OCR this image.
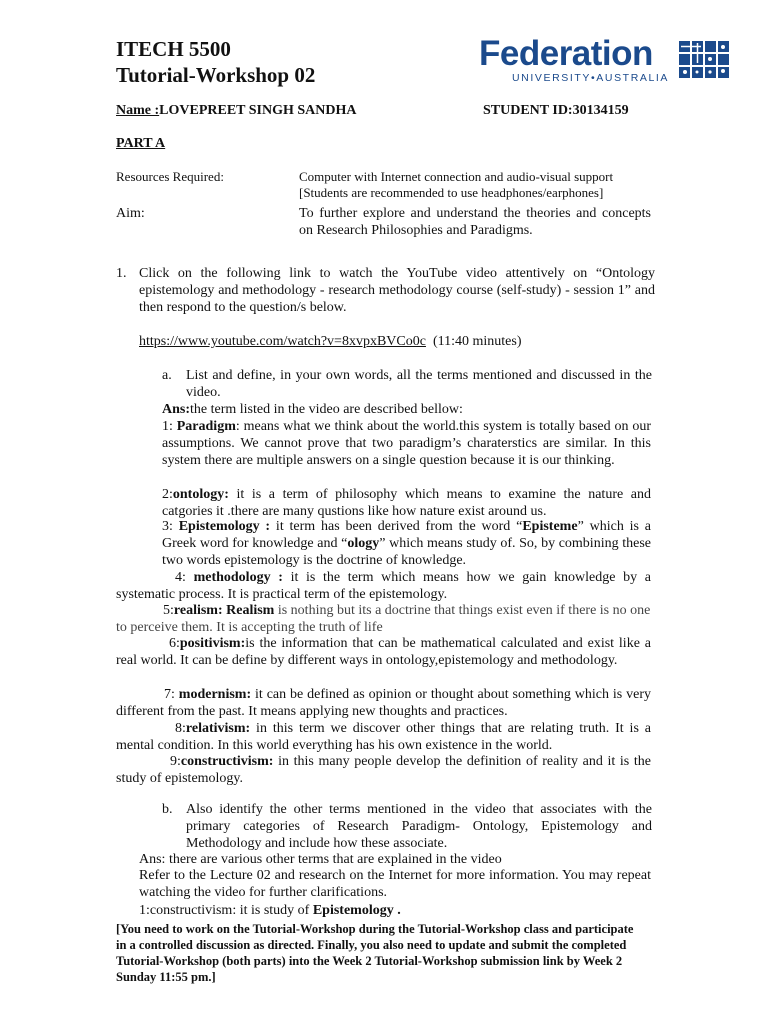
ITECH 5500
Tutorial-Workshop 02
Federation
UNIVERSITY•AUSTRALIA
Name :LOVEPREET SINGH SANDHA	STUDENT ID:30134159
PART A
Resources Required:	Computer with Internet connection and audio-visual support
[Students are recommended to use headphones/earphones]
Aim:	To further explore and understand the theories and concepts on Research Philosophies and Paradigms.
1. Click on the following link to watch the YouTube video attentively on “Ontology epistemology and methodology - research methodology course (self-study) - session 1” and then respond to the question/s below.
https://www.youtube.com/watch?v=8xvpxBVCo0c (11:40 minutes)
a. List and define, in your own words, all the terms mentioned and discussed in the video.
Ans:the term listed in the video are described bellow:
1: Paradigm: means what we think about the world.this system is totally based on our assumptions. We cannot prove that two paradigm’s charaterstics are similar. In this system there are multiple answers on a single question because it is our thinking.
2:ontology: it is a term of philosophy which means to examine the nature and catgories it .there are many qustions like how nature exist around us.
3: Epistemology : it term has been derived from the word “Episteme” which is a Greek word for knowledge and “ology” which means study of. So, by combining these two words epistemology is the doctrine of knowledge.
4: methodology : it is the term which means how we gain knowledge by a systematic process. It is practical term of the epistemology.
5:realism: Realism is nothing but its a doctrine that things exist even if there is no one to perceive them. It is accepting the truth of life
6:positivism:is the information that can be mathematical calculated and exist like a real world. It can be define by different ways in ontology,epistemology and methodology.
7: modernism: it can be defined as opinion or thought about something which is very different from the past. It means applying new thoughts and practices.
8:relativism: in this term we discover other things that are relating truth. It is a mental condition. In this world everything has his own existence in the world.
9:constructivism: in this many people develop the definition of reality and it is the study of epistemology.
b. Also identify the other terms mentioned in the video that associates with the primary categories of Research Paradigm- Ontology, Epistemology and Methodology and include how these associate.
Ans: there are various other terms that are explained in the video
Refer to the Lecture 02 and research on the Internet for more information. You may repeat watching the video for further clarifications.
1:constructivism: it is study of Epistemology .
[You need to work on the Tutorial-Workshop during the Tutorial-Workshop class and participate in a controlled discussion as directed. Finally, you also need to update and submit the completed Tutorial-Workshop (both parts) into the Week 2 Tutorial-Workshop submission link by Week 2 Sunday 11:55 pm.]
